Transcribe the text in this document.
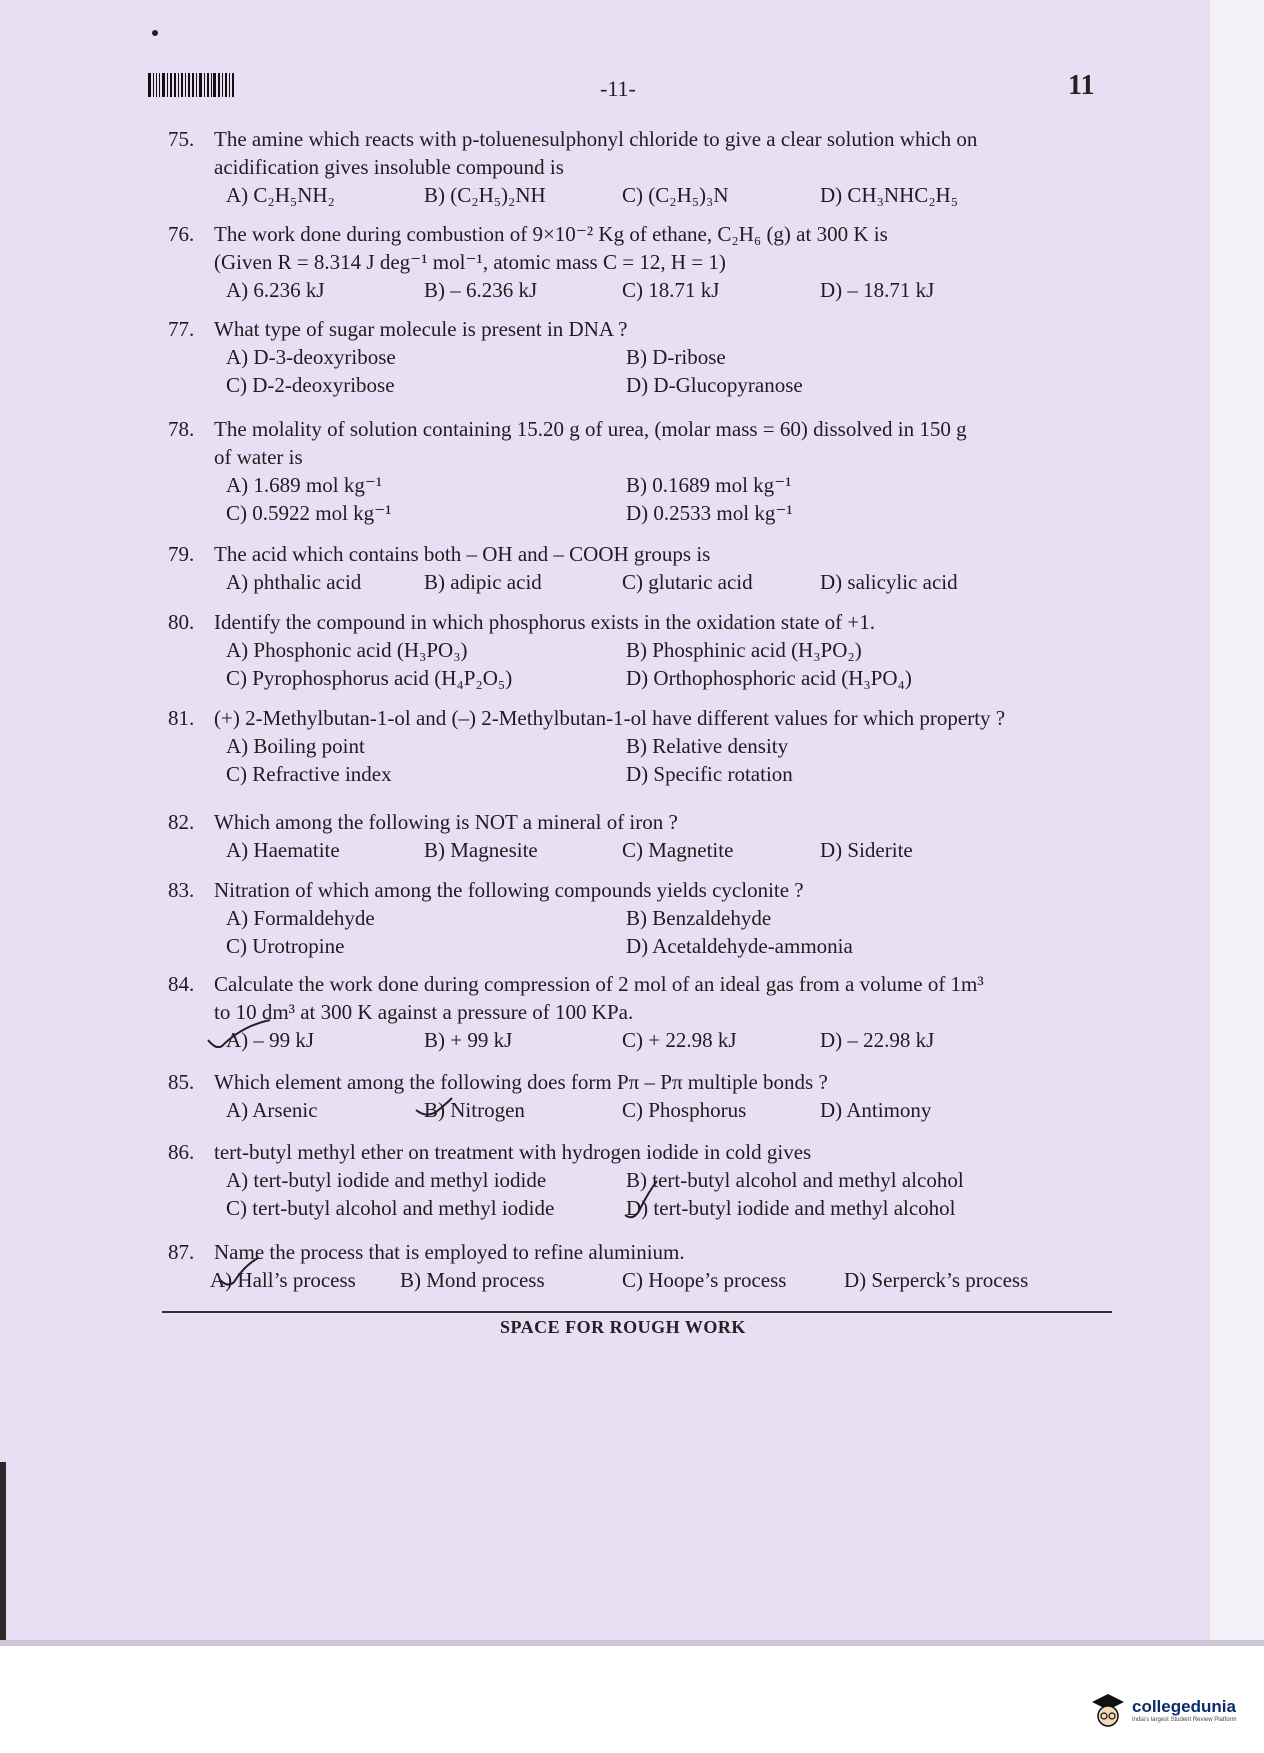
-11-	11
75. The amine which reacts with p-toluenesulphonyl chloride to give a clear solution which on
acidification gives insoluble compound is
A) C₂H₅NH₂	B) (C₂H₅)₂NH	C) (C₂H₅)₃N	D) CH₃NHC₂H₅
76. The work done during combustion of 9×10⁻² Kg of ethane, C₂H₆ (g) at 300 K is
(Given R = 8.314 J deg⁻¹ mol⁻¹, atomic mass C = 12, H = 1)
A) 6.236 kJ	B) – 6.236 kJ	C) 18.71 kJ	D) – 18.71 kJ
77. What type of sugar molecule is present in DNA ?
A) D-3-deoxyribose	B) D-ribose
C) D-2-deoxyribose	D) D-Glucopyranose
78. The molality of solution containing 15.20 g of urea, (molar mass = 60) dissolved in 150 g
of water is
A) 1.689 mol kg⁻¹	B) 0.1689 mol kg⁻¹
C) 0.5922 mol kg⁻¹	D) 0.2533 mol kg⁻¹
79. The acid which contains both – OH and – COOH groups is
A) phthalic acid	B) adipic acid	C) glutaric acid	D) salicylic acid
80. Identify the compound in which phosphorus exists in the oxidation state of +1.
A) Phosphonic acid (H₃PO₃)	B) Phosphinic acid (H₃PO₂)
C) Pyrophosphorus acid (H₄P₂O₅)	D) Orthophosphoric acid (H₃PO₄)
81. (+) 2-Methylbutan-1-ol and (–) 2-Methylbutan-1-ol have different values for which property ?
A) Boiling point	B) Relative density
C) Refractive index	D) Specific rotation
82. Which among the following is NOT a mineral of iron ?
A) Haematite	B) Magnesite	C) Magnetite	D) Siderite
83. Nitration of which among the following compounds yields cyclonite ?
A) Formaldehyde	B) Benzaldehyde
C) Urotropine	D) Acetaldehyde-ammonia
84. Calculate the work done during compression of 2 mol of an ideal gas from a volume of 1m³
to 10 dm³ at 300 K against a pressure of 100 KPa.
A) – 99 kJ	B) + 99 kJ	C) + 22.98 kJ	D) – 22.98 kJ
85. Which element among the following does form Pπ – Pπ multiple bonds ?
A) Arsenic	B) Nitrogen	C) Phosphorus	D) Antimony
86. tert-butyl methyl ether on treatment with hydrogen iodide in cold gives
A) tert-butyl iodide and methyl iodide	B) tert-butyl alcohol and methyl alcohol
C) tert-butyl alcohol and methyl iodide	D) tert-butyl iodide and methyl alcohol
87. Name the process that is employed to refine aluminium.
A) Hall’s process	B) Mond process	C) Hoope’s process	D) Serperck’s process
SPACE FOR ROUGH WORK
collegedunia
India's largest Student Review Platform
